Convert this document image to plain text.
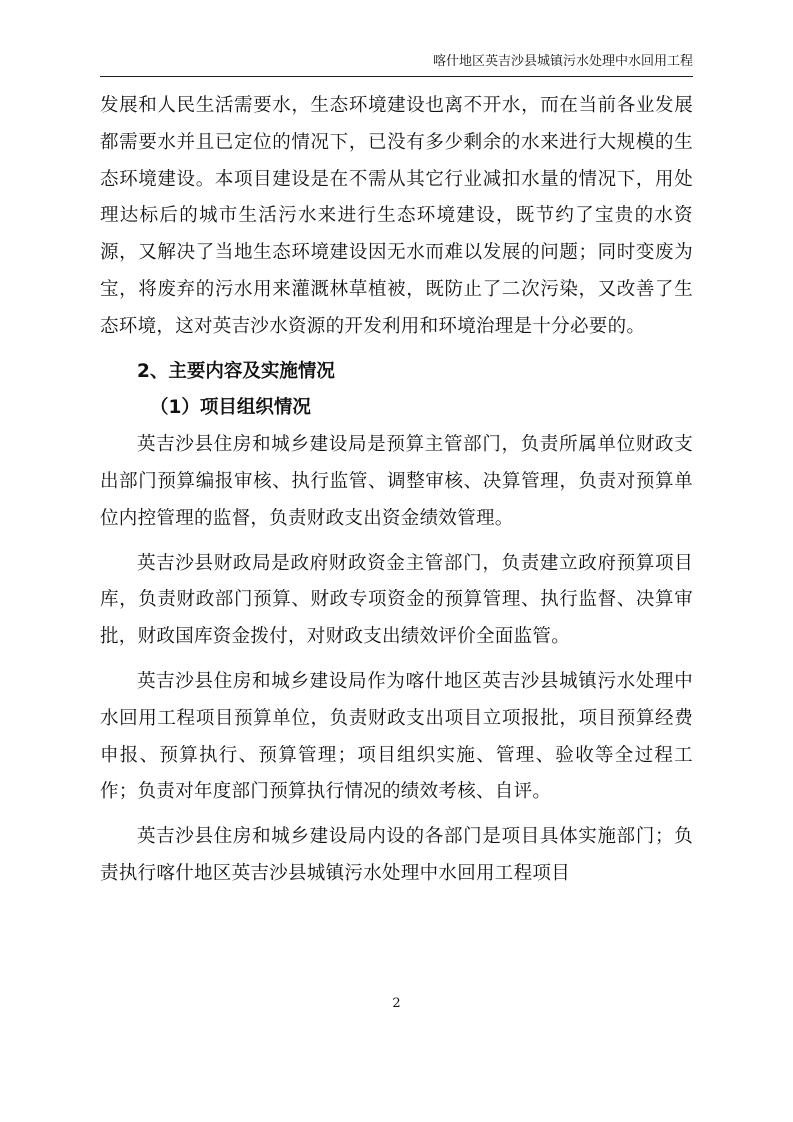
喀什地区英吉沙县城镇污水处理中水回用工程

发展和人民生活需要水，生态环境建设也离不开水，而在当前各业发展都需要水并且已定位的情况下，已没有多少剩余的水来进行大规模的生态环境建设。本项目建设是在不需从其它行业减扣水量的情况下，用处理达标后的城市生活污水来进行生态环境建设，既节约了宝贵的水资源，又解决了当地生态环境建设因无水而难以发展的问题；同时变废为宝，将废弃的污水用来灌溉林草植被，既防止了二次污染，又改善了生态环境，这对英吉沙水资源的开发利用和环境治理是十分必要的。

2、主要内容及实施情况

（1）项目组织情况

英吉沙县住房和城乡建设局是预算主管部门，负责所属单位财政支出部门预算编报审核、执行监管、调整审核、决算管理，负责对预算单位内控管理的监督，负责财政支出资金绩效管理。

英吉沙县财政局是政府财政资金主管部门，负责建立政府预算项目库，负责财政部门预算、财政专项资金的预算管理、执行监督、决算审批，财政国库资金拨付，对财政支出绩效评价全面监管。

英吉沙县住房和城乡建设局作为喀什地区英吉沙县城镇污水处理中水回用工程项目预算单位，负责财政支出项目立项报批，项目预算经费申报、预算执行、预算管理；项目组织实施、管理、验收等全过程工作；负责对年度部门预算执行情况的绩效考核、自评。

英吉沙县住房和城乡建设局内设的各部门是项目具体实施部门；负责执行喀什地区英吉沙县城镇污水处理中水回用工程项目

2
